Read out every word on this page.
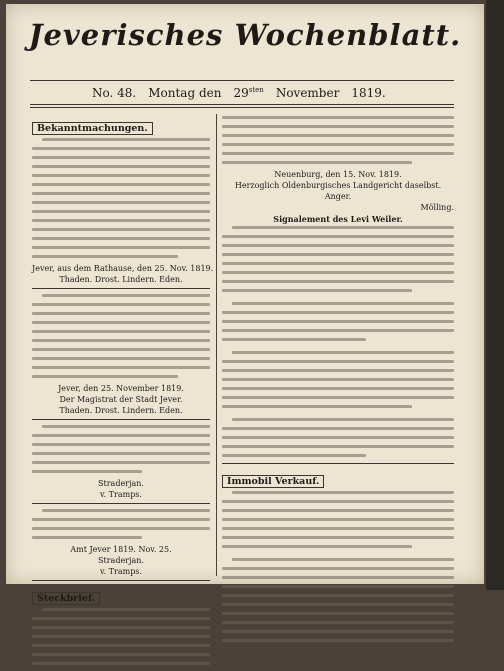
Jeverisches Wochenblatt.
No. 48. Montag den $29^{sten}$ November 1819.
Bekanntmachungen.
Jever, aus dem Rathause, den 25. Nov. 1819.
Thaden. Drost. Lindern. Eden.
Jever, den 25. November 1819.
Der Magistrat der Stadt Jever.
Thaden. Drost. Lindern. Eden.
Straderjan.
v. Tramps.
Amt Jever 1819. Nov. 25.
Straderjan.
v. Tramps.
Steckbrief.
Neuenburg, den 15. Nov. 1819.
Herzoglich Oldenburgisches Landgericht daselbst.
Anger.
Mölling.
Signalement des Levi Weiler.
Immobil Verkauf.
